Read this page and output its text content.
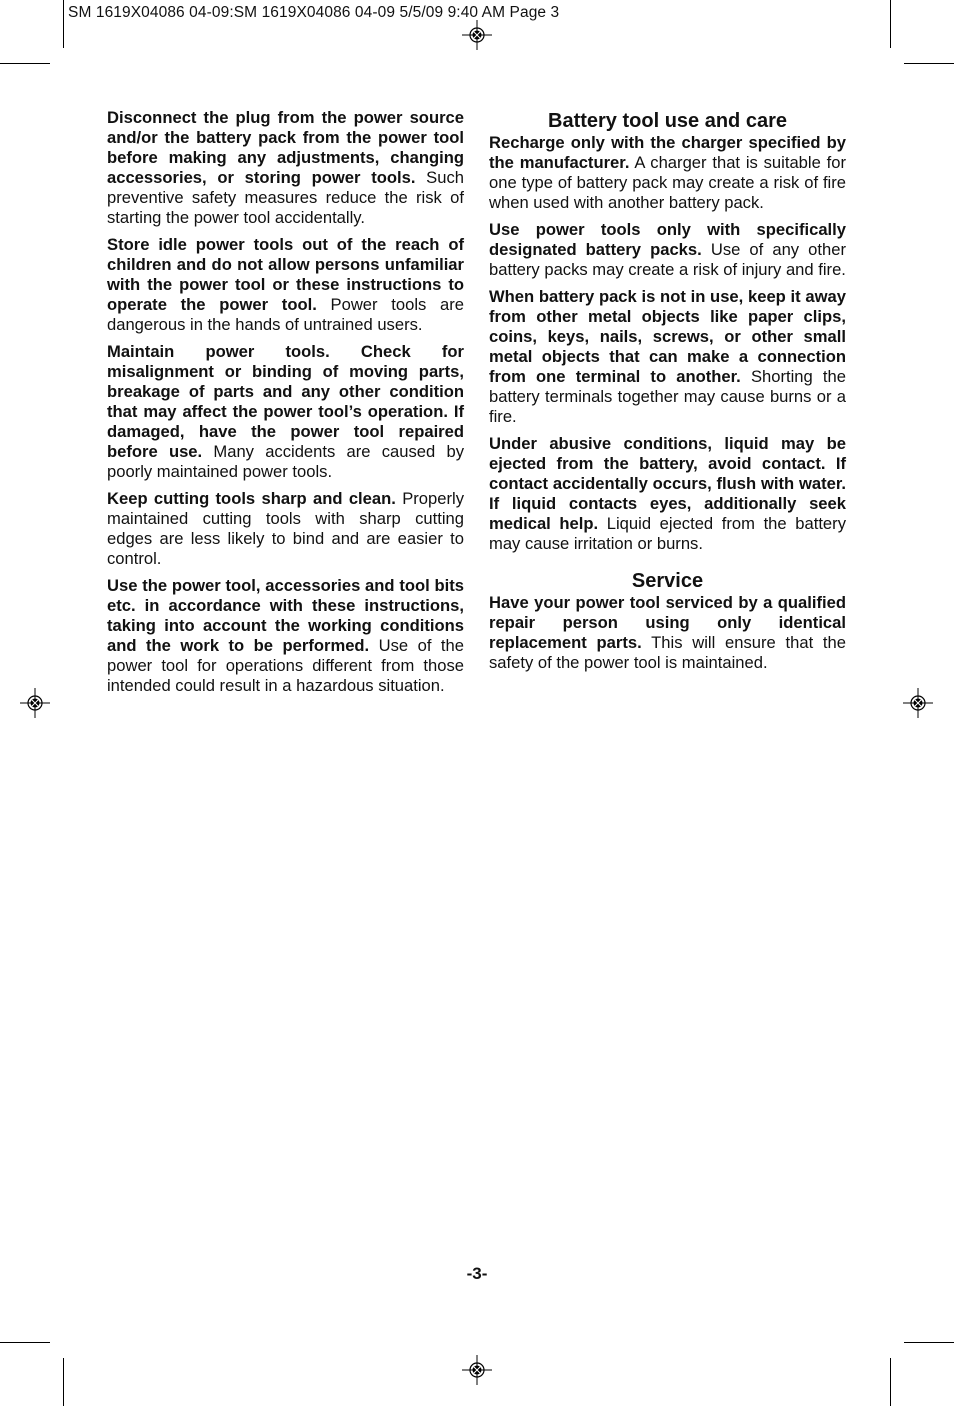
SM 1619X04086 04-09:SM 1619X04086 04-09 5/5/09 9:40 AM Page 3

Disconnect the plug from the power source and/or the battery pack from the power tool before making any adjustments, changing accessories, or storing power tools. Such preventive safety measures reduce the risk of starting the power tool accidentally.

Store idle power tools out of the reach of children and do not allow persons unfamiliar with the power tool or these instructions to operate the power tool. Power tools are dangerous in the hands of untrained users.

Maintain power tools. Check for misalignment or binding of moving parts, breakage of parts and any other condition that may affect the power tool’s operation. If damaged, have the power tool repaired before use. Many accidents are caused by poorly maintained power tools.

Keep cutting tools sharp and clean. Properly maintained cutting tools with sharp cutting edges are less likely to bind and are easier to control.

Use the power tool, accessories and tool bits etc. in accordance with these instructions, taking into account the working conditions and the work to be performed. Use of the power tool for operations different from those intended could result in a hazardous situation.

Battery tool use and care

Recharge only with the charger specified by the manufacturer. A charger that is suitable for one type of battery pack may create a risk of fire when used with another battery pack.

Use power tools only with specifically designated battery packs. Use of any other battery packs may create a risk of injury and fire.

When battery pack is not in use, keep it away from other metal objects like paper clips, coins, keys, nails, screws, or other small metal objects that can make a connection from one terminal to another. Shorting the battery terminals together may cause burns or a fire.

Under abusive conditions, liquid may be ejected from the battery, avoid contact. If contact accidentally occurs, flush with water. If liquid contacts eyes, additionally seek medical help. Liquid ejected from the battery may cause irritation or burns.

Service

Have your power tool serviced by a qualified repair person using only identical replacement parts. This will ensure that the safety of the power tool is maintained.

-3-
